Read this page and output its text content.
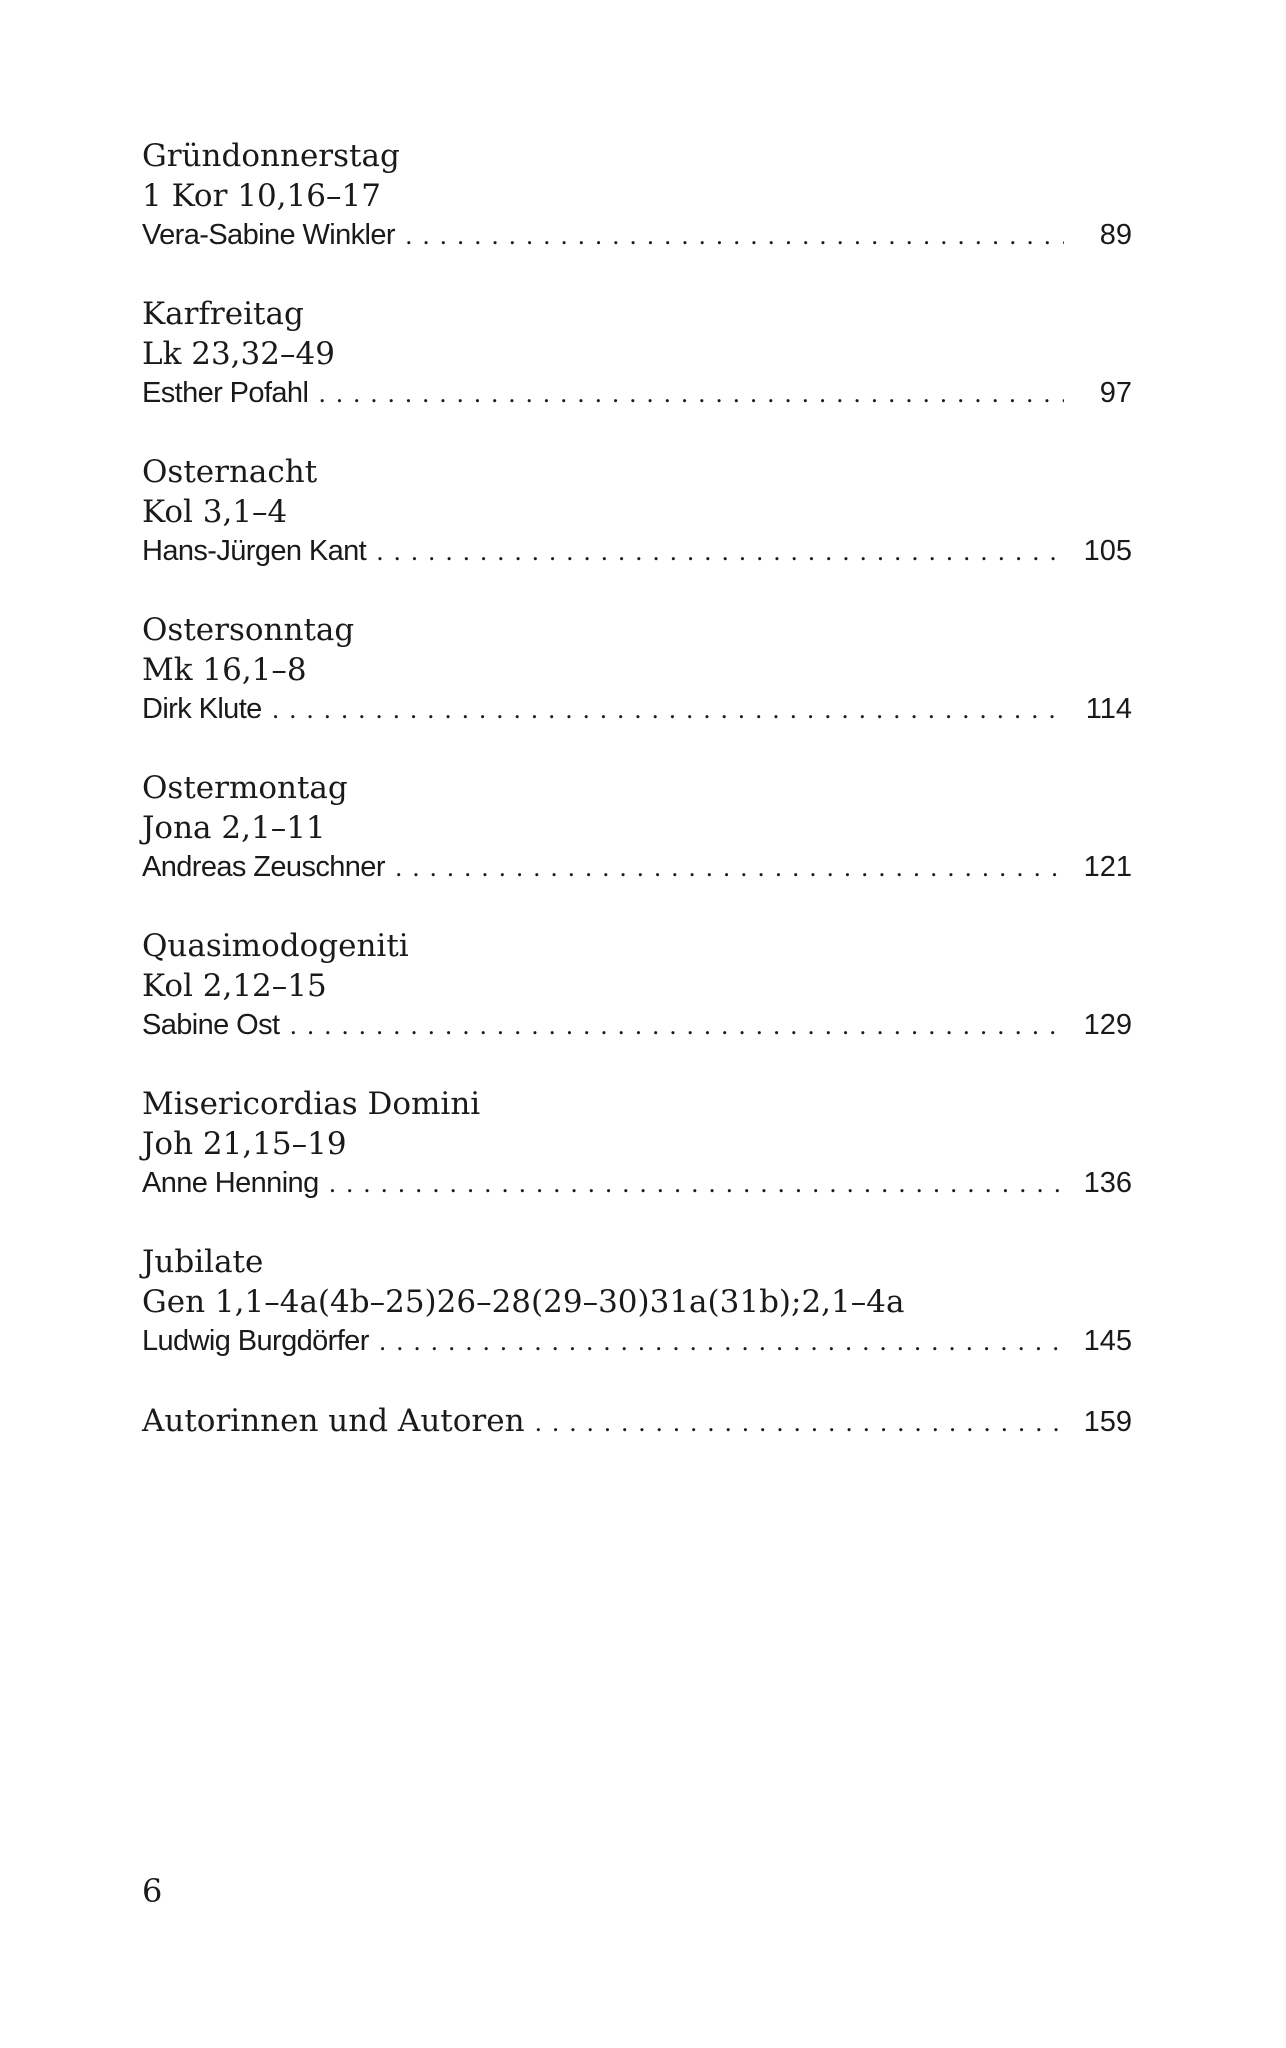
Gründonnerstag
1 Kor 10,16–17
Vera-Sabine Winkler . . .	89
Karfreitag
Lk 23,32–49
Esther Pofahl . . .	97
Osternacht
Kol 3,1–4
Hans-Jürgen Kant . . .	105
Ostersonntag
Mk 16,1–8
Dirk Klute . . .	114
Ostermontag
Jona 2,1–11
Andreas Zeuschner . . .	121
Quasimodogeniti
Kol 2,12–15
Sabine Ost . . .	129
Misericordias Domini
Joh 21,15–19
Anne Henning . . .	136
Jubilate
Gen 1,1–4a(4b–25)26–28(29–30)31a(31b);2,1–4a
Ludwig Burgdörfer . . .	145
Autorinnen und Autoren . . .	159
6
